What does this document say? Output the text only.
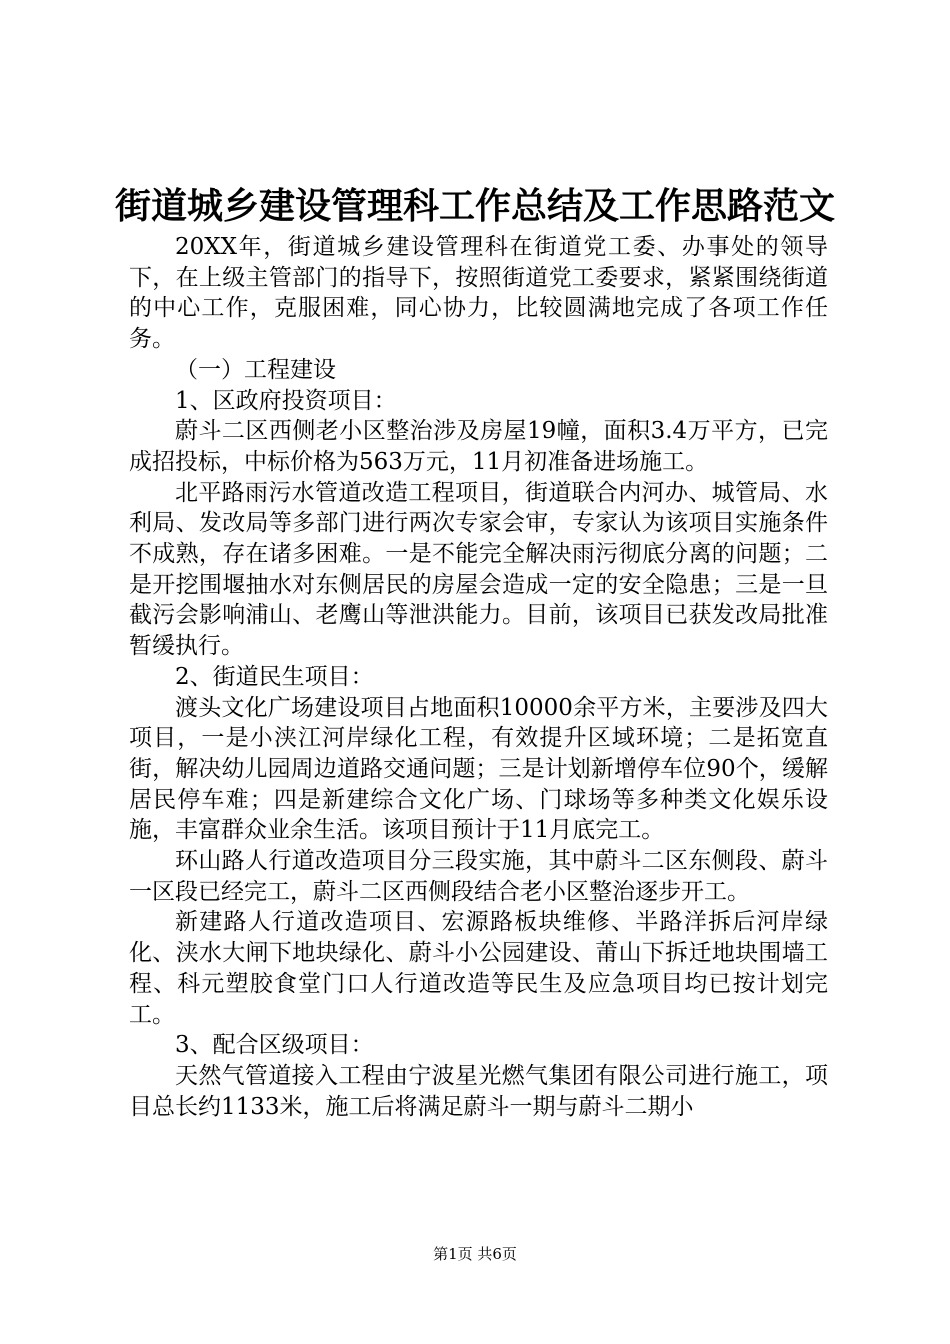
街道城乡建设管理科工作总结及工作思路范文

20XX年，街道城乡建设管理科在街道党工委、办事处的领导下，在上级主管部门的指导下，按照街道党工委要求，紧紧围绕街道的中心工作，克服困难，同心协力，比较圆满地完成了各项工作任务。

（一）工程建设

1、区政府投资项目：

蔚斗二区西侧老小区整治涉及房屋19幢，面积3.4万平方，已完成招投标，中标价格为563万元，11月初准备进场施工。

北平路雨污水管道改造工程项目，街道联合内河办、城管局、水利局、发改局等多部门进行两次专家会审，专家认为该项目实施条件不成熟，存在诸多困难。一是不能完全解决雨污彻底分离的问题；二是开挖围堰抽水对东侧居民的房屋会造成一定的安全隐患；三是一旦截污会影响浦山、老鹰山等泄洪能力。目前，该项目已获发改局批准暂缓执行。

2、街道民生项目：

渡头文化广场建设项目占地面积10000余平方米，主要涉及四大项目，一是小浃江河岸绿化工程，有效提升区域环境；二是拓宽直街，解决幼儿园周边道路交通问题；三是计划新增停车位90个，缓解居民停车难；四是新建综合文化广场、门球场等多种类文化娱乐设施，丰富群众业余生活。该项目预计于11月底完工。

环山路人行道改造项目分三段实施，其中蔚斗二区东侧段、蔚斗一区段已经完工，蔚斗二区西侧段结合老小区整治逐步开工。

新建路人行道改造项目、宏源路板块维修、半路洋拆后河岸绿化、浃水大闸下地块绿化、蔚斗小公园建设、莆山下拆迁地块围墙工程、科元塑胶食堂门口人行道改造等民生及应急项目均已按计划完工。

3、配合区级项目：

天然气管道接入工程由宁波星光燃气集团有限公司进行施工，项目总长约1133米，施工后将满足蔚斗一期与蔚斗二期小

第1页 共6页
